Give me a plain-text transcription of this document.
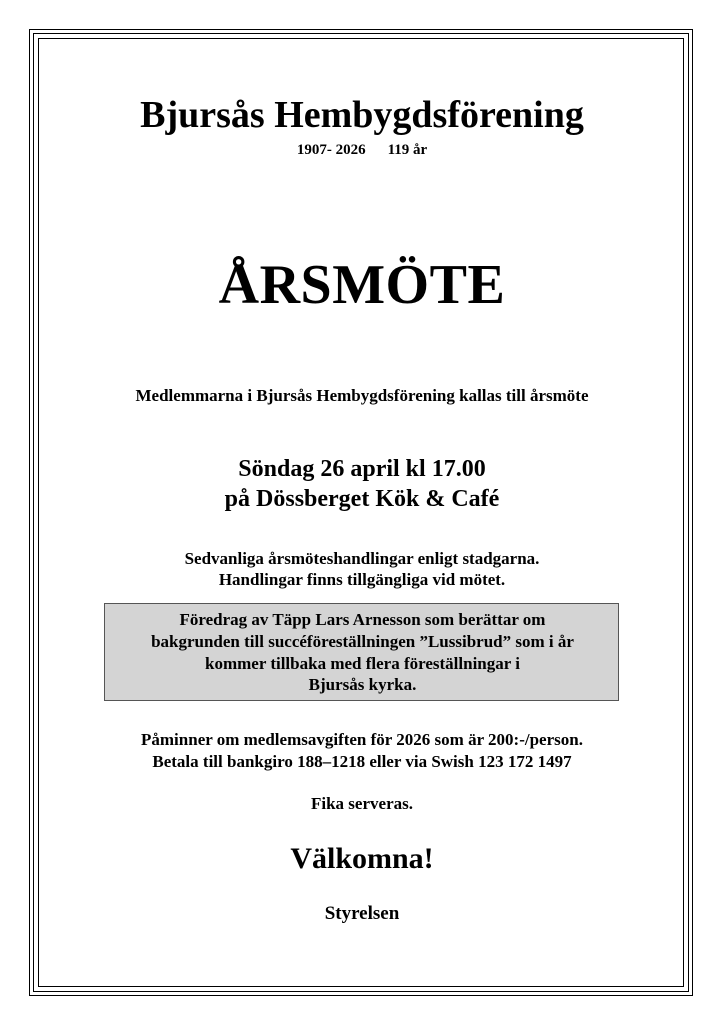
Bjursås Hembygdsförening
1907- 2026 119 år
ÅRSMÖTE
Medlemmarna i Bjursås Hembygdsförening kallas till årsmöte
Söndag 26 april kl 17.00
på Dössberget Kök & Café
Sedvanliga årsmöteshandlingar enligt stadgarna.
Handlingar finns tillgängliga vid mötet.
Föredrag av Täpp Lars Arnesson som berättar om
bakgrunden till succéföreställningen ”Lussibrud” som i år
kommer tillbaka med flera föreställningar i
Bjursås kyrka.
Påminner om medlemsavgiften för 2026 som är 200:-/person.
Betala till bankgiro 188–1218 eller via Swish 123 172 1497
Fika serveras.
Välkomna!
Styrelsen
